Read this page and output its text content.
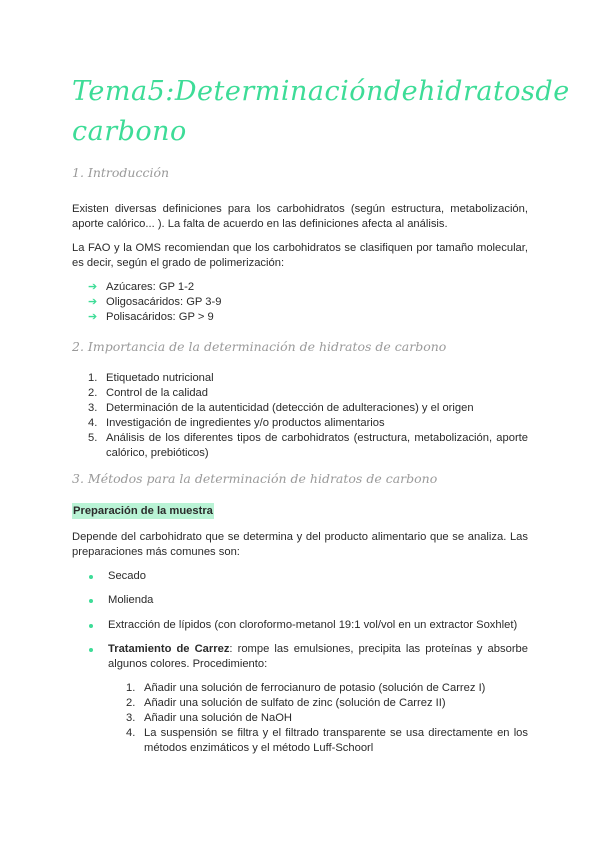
Tema 5: Determinación de hidratos de
carbono
1. Introducción
Existen diversas definiciones para los carbohidratos (según estructura, metabolización, aporte calórico... ). La falta de acuerdo en las definiciones afecta al análisis.
La FAO y la OMS recomiendan que los carbohidratos se clasifiquen por tamaño molecular, es decir, según el grado de polimerización:
➔ Azúcares: GP 1-2
➔ Oligosacáridos: GP 3-9
➔ Polisacáridos: GP > 9
2. Importancia de la determinación de hidratos de carbono
1. Etiquetado nutricional
2. Control de la calidad
3. Determinación de la autenticidad (detección de adulteraciones) y el origen
4. Investigación de ingredientes y/o productos alimentarios
5. Análisis de los diferentes tipos de carbohidratos (estructura, metabolización, aporte calórico, prebióticos)
3. Métodos para la determinación de hidratos de carbono
Preparación de la muestra
Depende del carbohidrato que se determina y del producto alimentario que se analiza. Las preparaciones más comunes son:
Secado
Molienda
Extracción de lípidos (con cloroformo-metanol 19:1 vol/vol en un extractor Soxhlet)
Tratamiento de Carrez: rompe las emulsiones, precipita las proteínas y absorbe algunos colores. Procedimiento:
1. Añadir una solución de ferrocianuro de potasio (solución de Carrez I)
2. Añadir una solución de sulfato de zinc (solución de Carrez II)
3. Añadir una solución de NaOH
4. La suspensión se filtra y el filtrado transparente se usa directamente en los métodos enzimáticos y el método Luff-Schoorl
